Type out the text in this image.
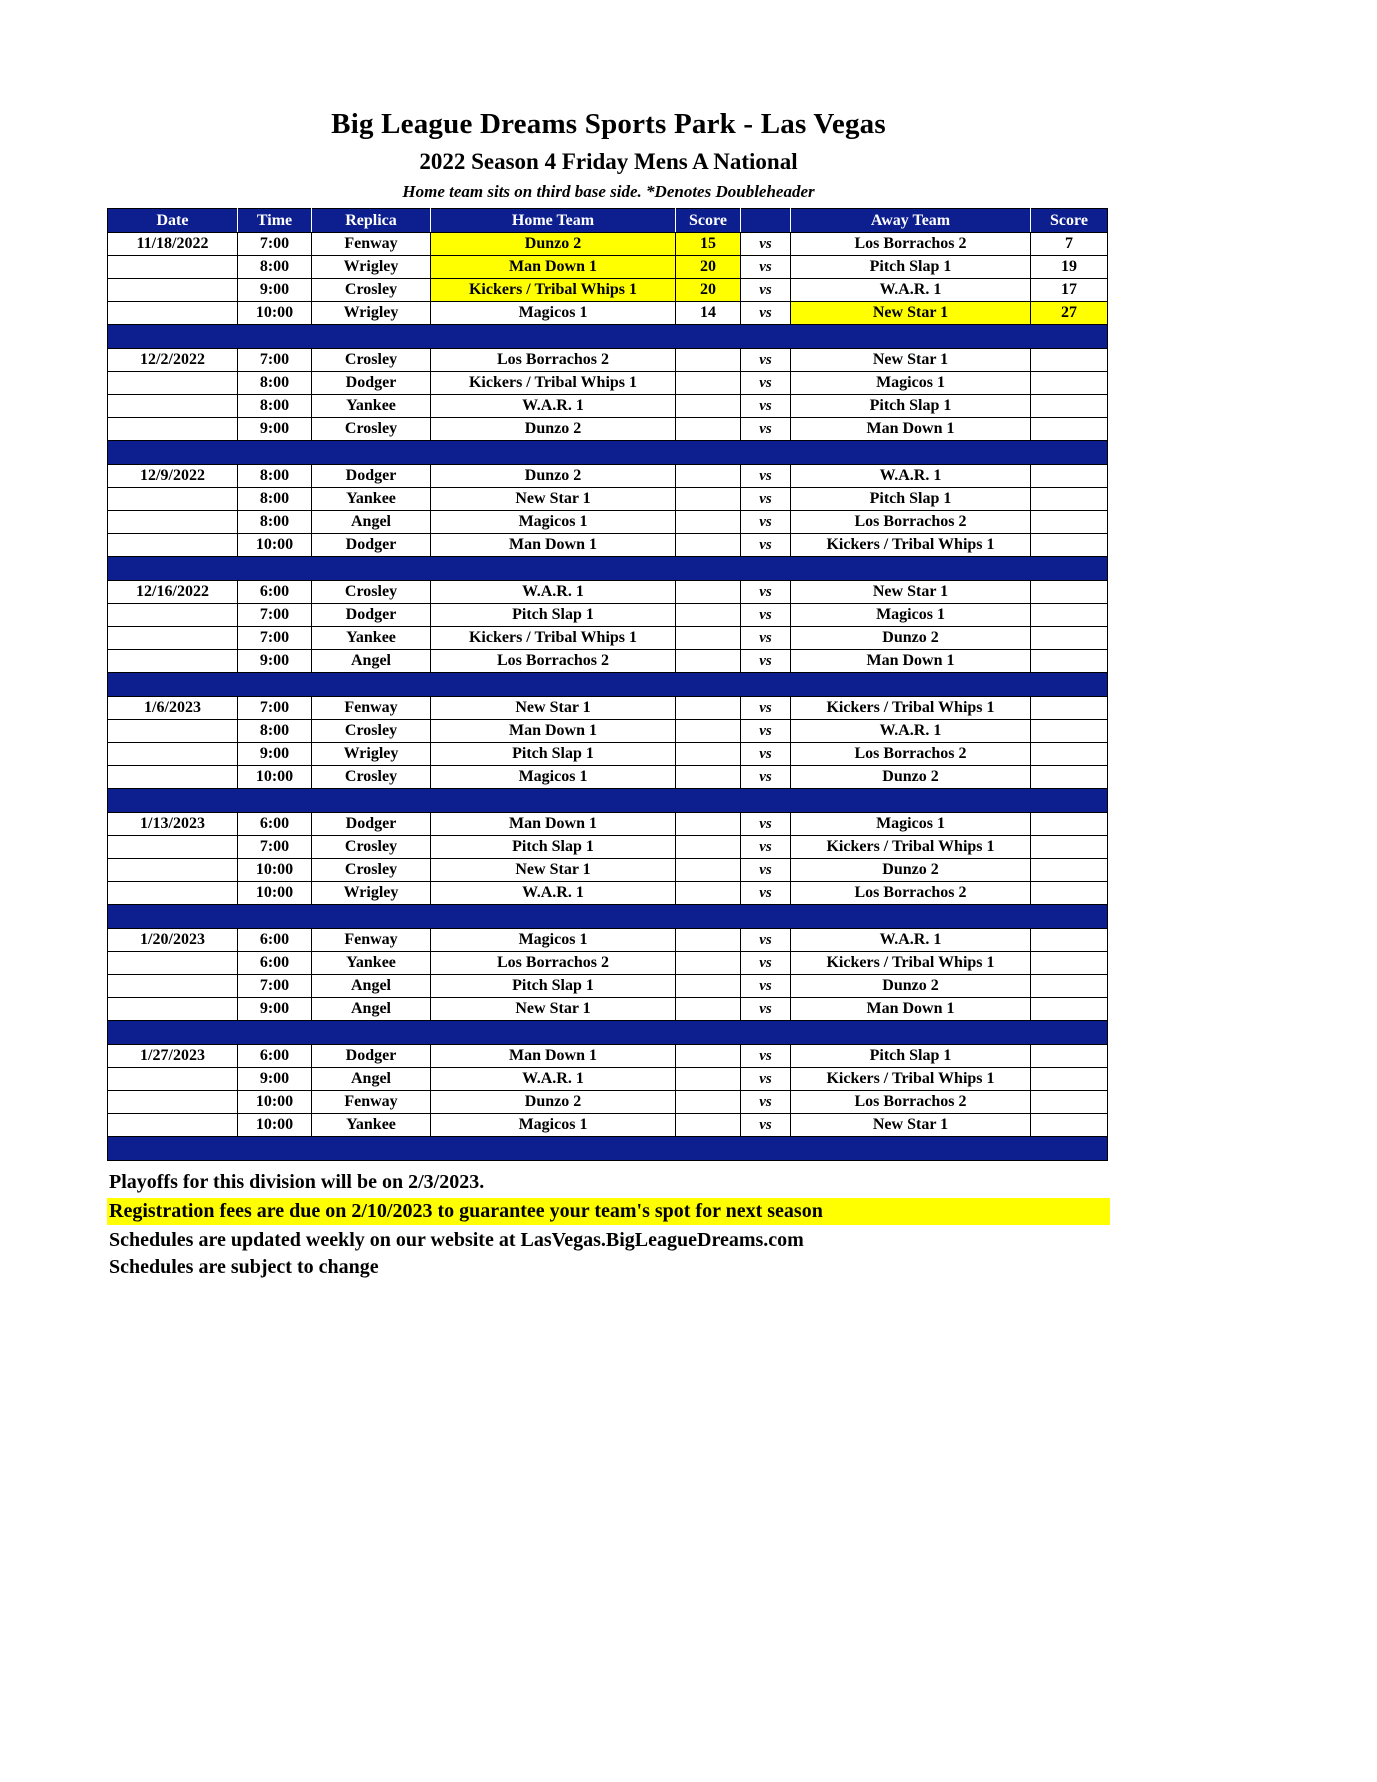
Big League Dreams Sports Park - Las Vegas
2022 Season 4 Friday Mens A National
Home team sits on third base side. *Denotes Doubleheader
Date	Time	Replica	Home Team	Score		Away Team	Score
11/18/2022	7:00	Fenway	Dunzo 2	15	vs	Los Borrachos 2	7
	8:00	Wrigley	Man Down 1	20	vs	Pitch Slap 1	19
	9:00	Crosley	Kickers / Tribal Whips 1	20	vs	W.A.R. 1	17
	10:00	Wrigley	Magicos 1	14	vs	New Star 1	27

12/2/2022	7:00	Crosley	Los Borrachos 2		vs	New Star 1	
	8:00	Dodger	Kickers / Tribal Whips 1		vs	Magicos 1	
	8:00	Yankee	W.A.R. 1		vs	Pitch Slap 1	
	9:00	Crosley	Dunzo 2		vs	Man Down 1	

12/9/2022	8:00	Dodger	Dunzo 2		vs	W.A.R. 1	
	8:00	Yankee	New Star 1		vs	Pitch Slap 1	
	8:00	Angel	Magicos 1		vs	Los Borrachos 2	
	10:00	Dodger	Man Down 1		vs	Kickers / Tribal Whips 1	

12/16/2022	6:00	Crosley	W.A.R. 1		vs	New Star 1	
	7:00	Dodger	Pitch Slap 1		vs	Magicos 1	
	7:00	Yankee	Kickers / Tribal Whips 1		vs	Dunzo 2	
	9:00	Angel	Los Borrachos 2		vs	Man Down 1	

1/6/2023	7:00	Fenway	New Star 1		vs	Kickers / Tribal Whips 1	
	8:00	Crosley	Man Down 1		vs	W.A.R. 1	
	9:00	Wrigley	Pitch Slap 1		vs	Los Borrachos 2	
	10:00	Crosley	Magicos 1		vs	Dunzo 2	

1/13/2023	6:00	Dodger	Man Down 1		vs	Magicos 1	
	7:00	Crosley	Pitch Slap 1		vs	Kickers / Tribal Whips 1	
	10:00	Crosley	New Star 1		vs	Dunzo 2	
	10:00	Wrigley	W.A.R. 1		vs	Los Borrachos 2	

1/20/2023	6:00	Fenway	Magicos 1		vs	W.A.R. 1	
	6:00	Yankee	Los Borrachos 2		vs	Kickers / Tribal Whips 1	
	7:00	Angel	Pitch Slap 1		vs	Dunzo 2	
	9:00	Angel	New Star 1		vs	Man Down 1	

1/27/2023	6:00	Dodger	Man Down 1		vs	Pitch Slap 1	
	9:00	Angel	W.A.R. 1		vs	Kickers / Tribal Whips 1	
	10:00	Fenway	Dunzo 2		vs	Los Borrachos 2	
	10:00	Yankee	Magicos 1		vs	New Star 1	

Playoffs for this division will be on 2/3/2023.
Registration fees are due on 2/10/2023 to guarantee your team's spot for next season
Schedules are updated weekly on our website at LasVegas.BigLeagueDreams.com
Schedules are subject to change
